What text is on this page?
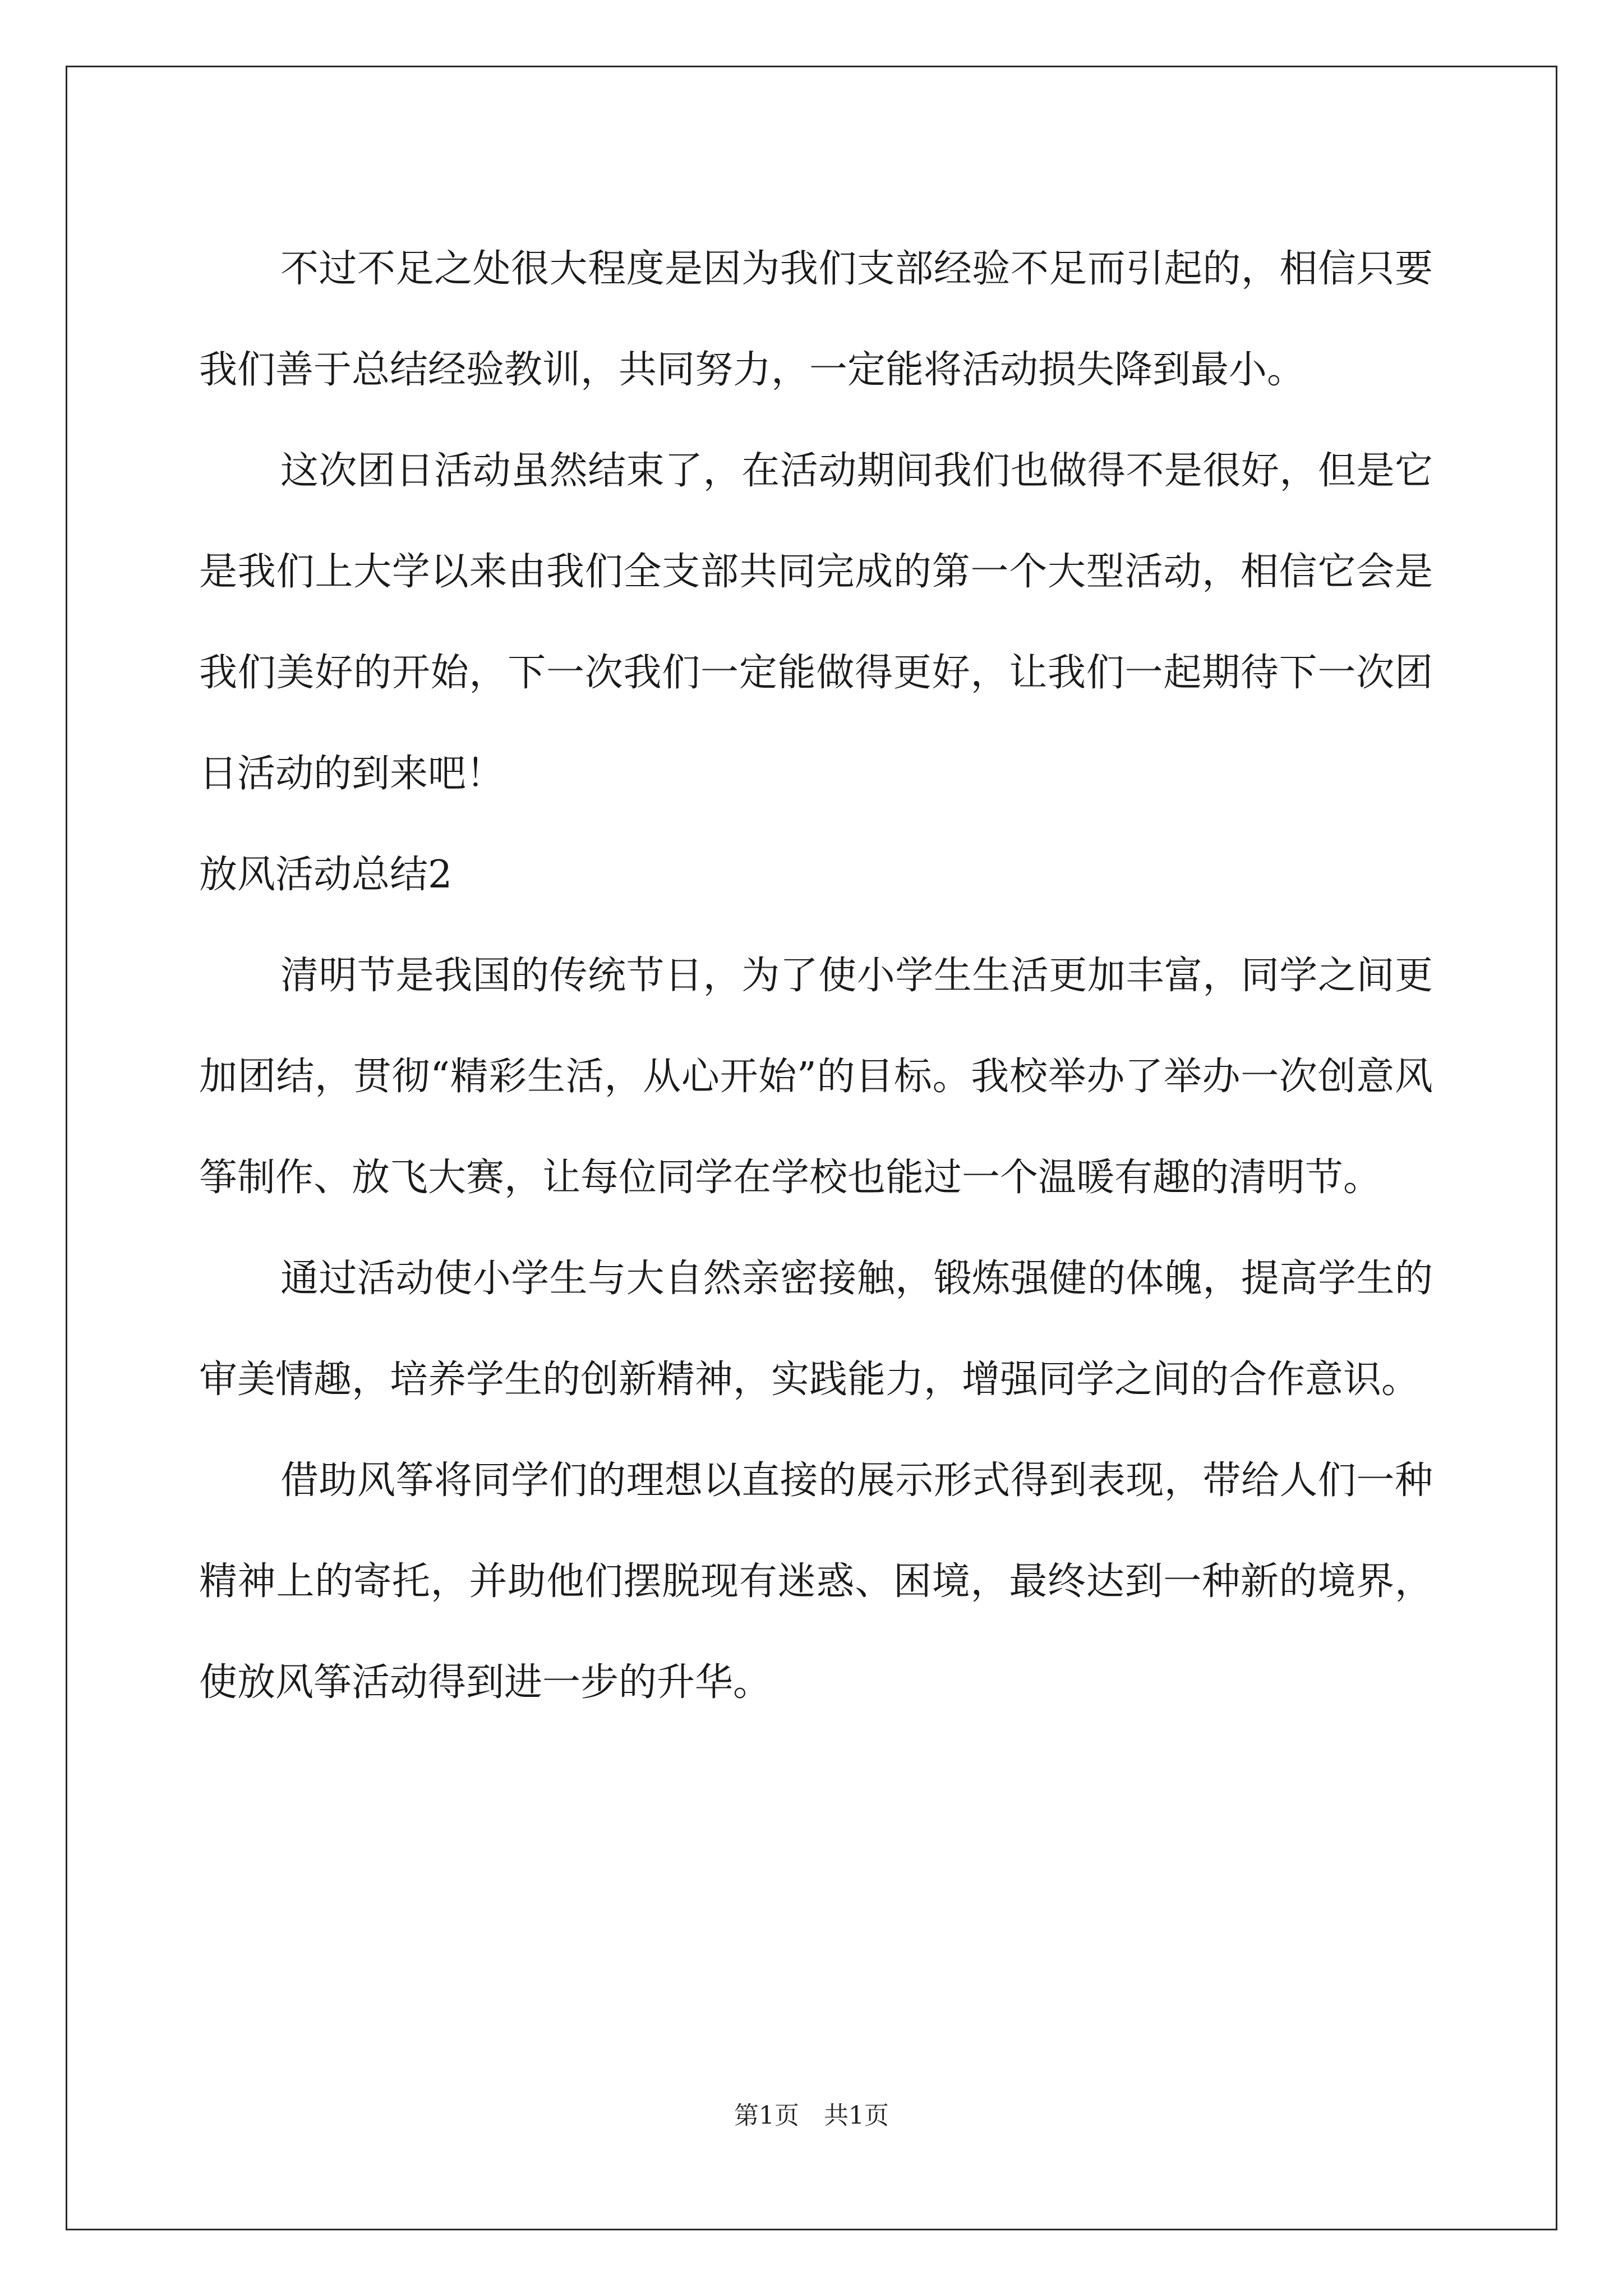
不过不足之处很大程度是因为我们支部经验不足而引起的，相信只要我们善于总结经验教训，共同努力，一定能将活动损失降到最小。

这次团日活动虽然结束了，在活动期间我们也做得不是很好，但是它是我们上大学以来由我们全支部共同完成的第一个大型活动，相信它会是我们美好的开始，下一次我们一定能做得更好，让我们一起期待下一次团日活动的到来吧！

放风活动总结2

清明节是我国的传统节日，为了使小学生生活更加丰富，同学之间更加团结，贯彻“精彩生活，从心开始”的目标。我校举办了举办一次创意风筝制作、放飞大赛，让每位同学在学校也能过一个温暖有趣的清明节。

通过活动使小学生与大自然亲密接触，锻炼强健的体魄，提高学生的审美情趣，培养学生的创新精神，实践能力，增强同学之间的合作意识。

借助风筝将同学们的理想以直接的展示形式得到表现，带给人们一种精神上的寄托，并助他们摆脱现有迷惑、困境，最终达到一种新的境界，使放风筝活动得到进一步的升华。

第1页 共1页
